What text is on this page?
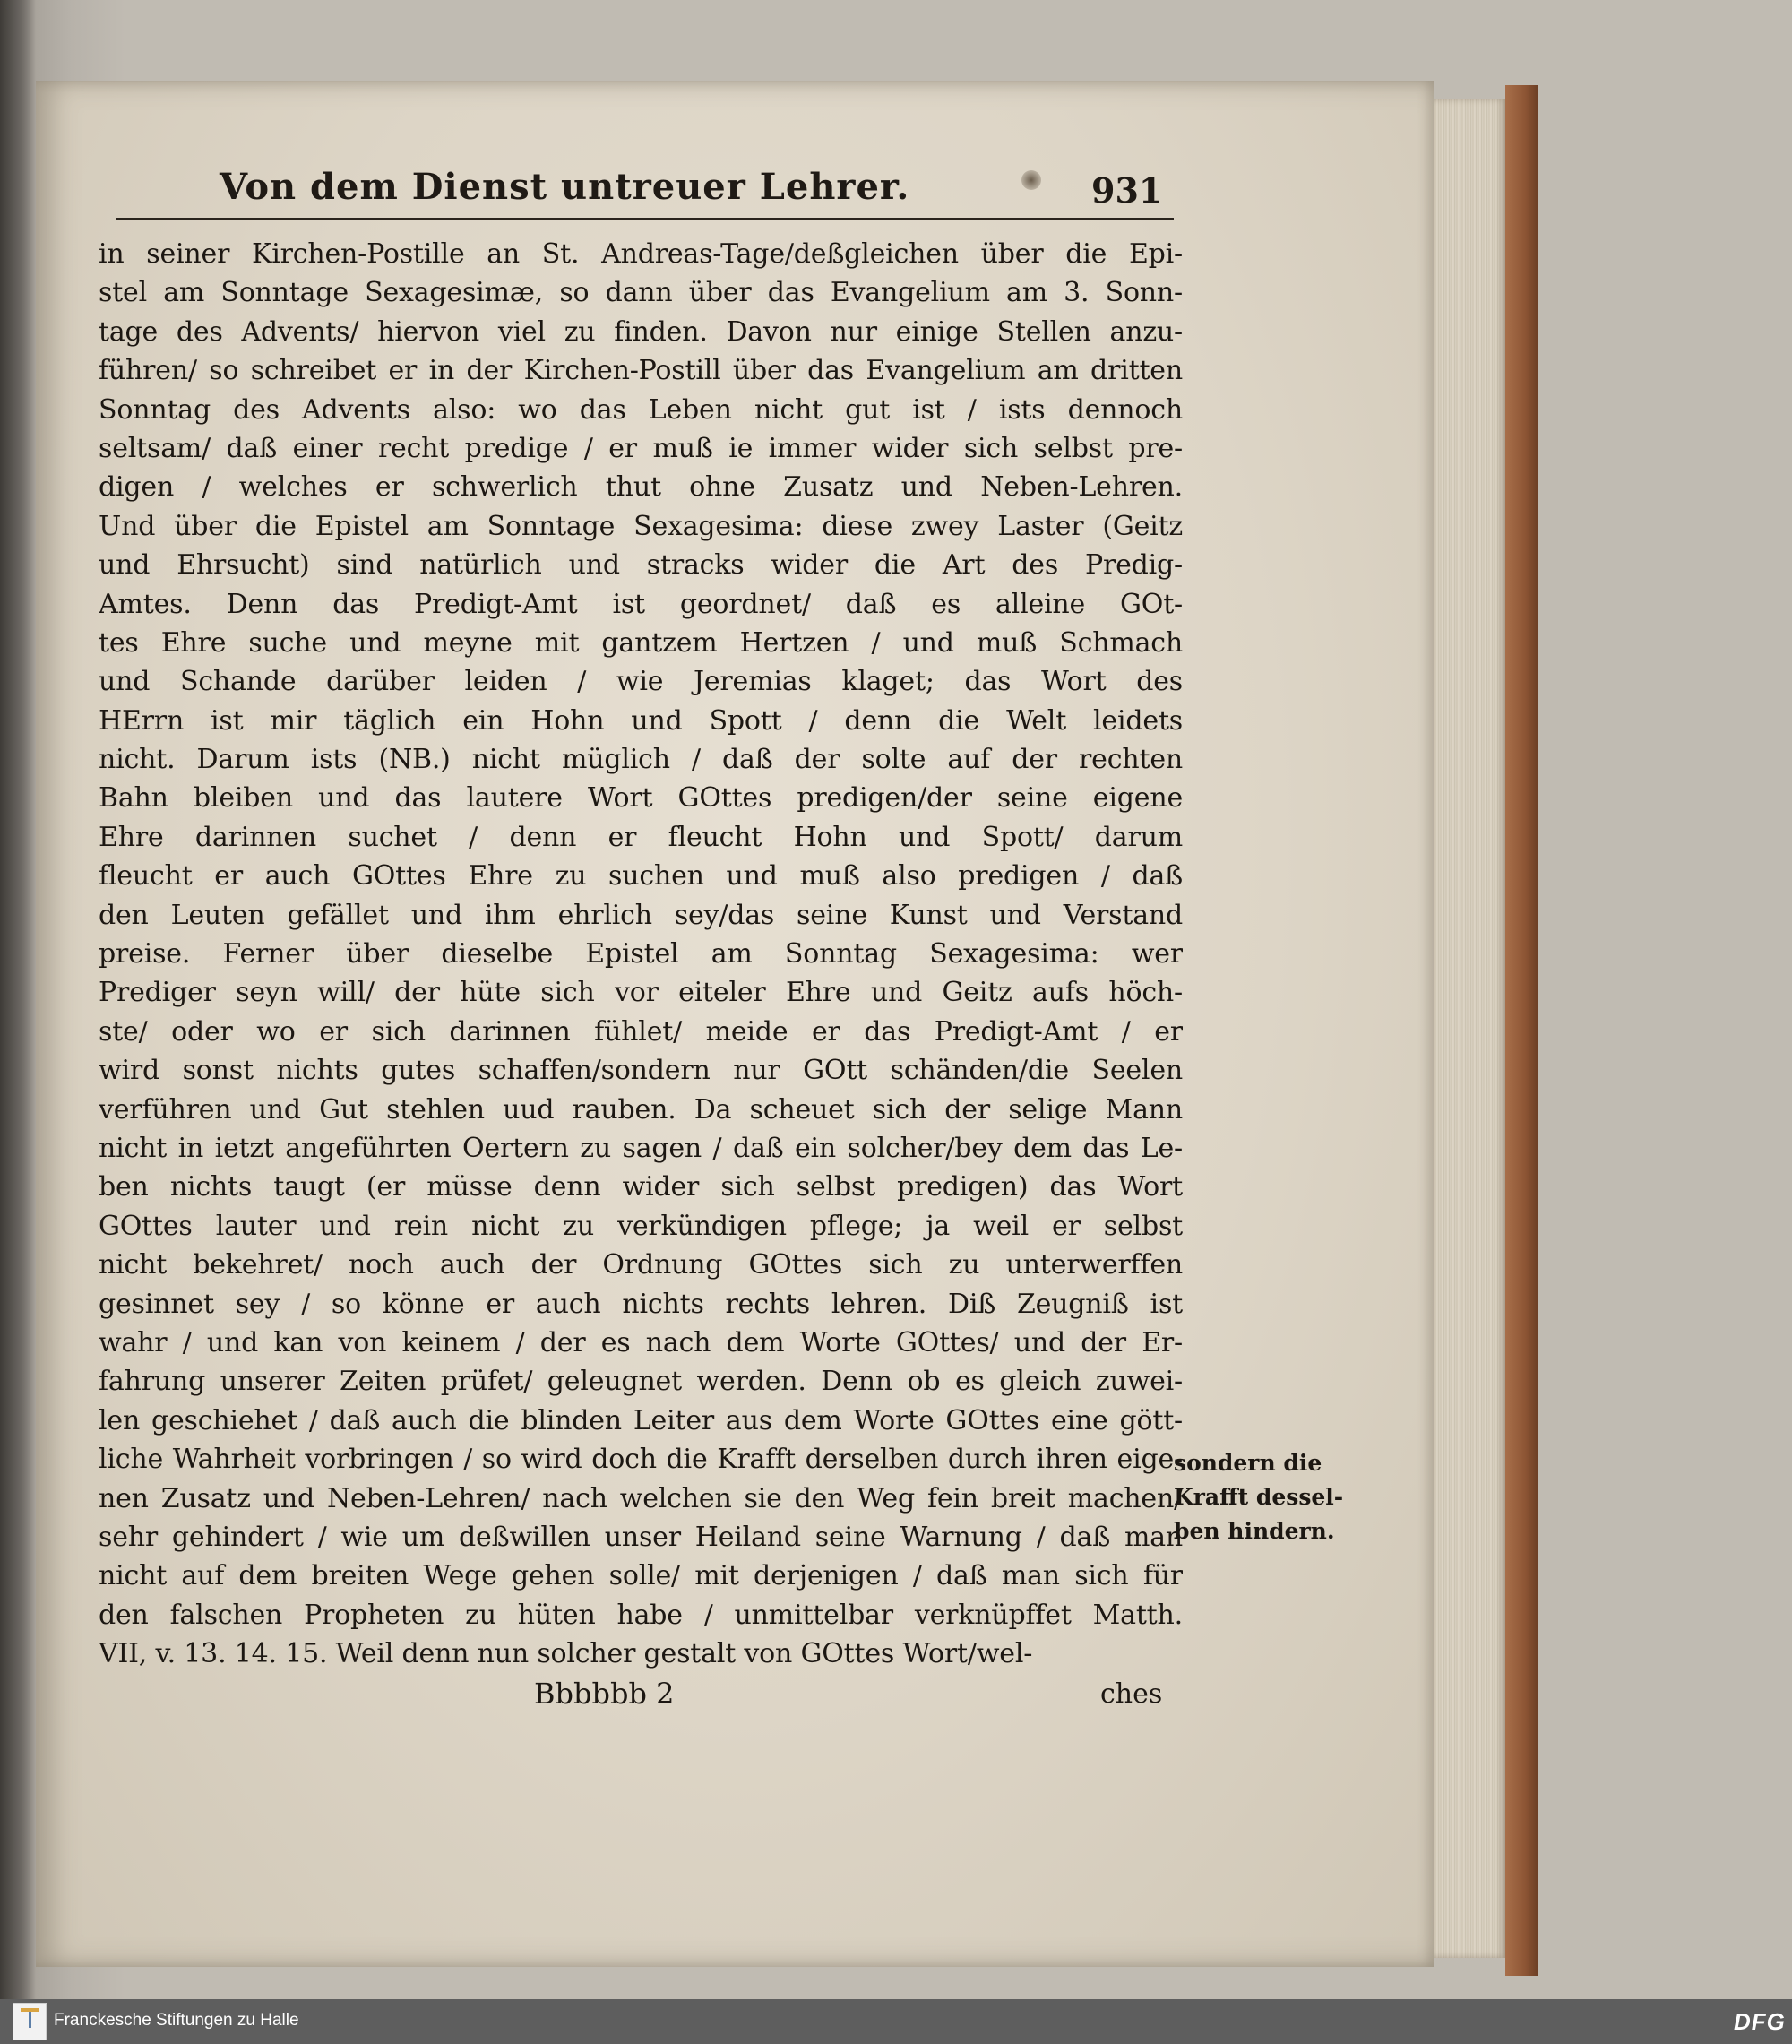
Von dem Dienst untreuer Lehrer.	931
in seiner Kirchen-Postille an St. Andreas-Tage/deßgleichen über die Epi-
stel am Sonntage Sexagesimæ, so dann über das Evangelium am 3. Sonn-
tage des Advents/ hiervon viel zu finden. Davon nur einige Stellen anzu-
führen/ so schreibet er in der Kirchen-Postill über das Evangelium am dritten
Sonntag des Advents also: wo das Leben nicht gut ist / ists dennoch
seltsam/ daß einer recht predige / er muß ie immer wider sich selbst pre-
digen / welches er schwerlich thut ohne Zusatz und Neben-Lehren.
Und über die Epistel am Sonntage Sexagesima: diese zwey Laster (Geitz
und Ehrsucht) sind natürlich und stracks wider die Art des Predig-
Amtes. Denn das Predigt-Amt ist geordnet/ daß es alleine GOt-
tes Ehre suche und meyne mit gantzem Hertzen / und muß Schmach
und Schande darüber leiden / wie Jeremias klaget; das Wort des
HErrn ist mir täglich ein Hohn und Spott / denn die Welt leidets
nicht. Darum ists (NB.) nicht müglich / daß der solte auf der rechten
Bahn bleiben und das lautere Wort GOttes predigen/der seine eigene
Ehre darinnen suchet / denn er fleucht Hohn und Spott/ darum
fleucht er auch GOttes Ehre zu suchen und muß also predigen / daß
den Leuten gefället und ihm ehrlich sey/das seine Kunst und Verstand
preise. Ferner über dieselbe Epistel am Sonntag Sexagesima: wer
Prediger seyn will/ der hüte sich vor eiteler Ehre und Geitz aufs höch-
ste/ oder wo er sich darinnen fühlet/ meide er das Predigt-Amt / er
wird sonst nichts gutes schaffen/sondern nur GOtt schänden/die Seelen
verführen und Gut stehlen uud rauben. Da scheuet sich der selige Mann
nicht in ietzt angeführten Oertern zu sagen / daß ein solcher/bey dem das Le-
ben nichts taugt (er müsse denn wider sich selbst predigen) das Wort
GOttes lauter und rein nicht zu verkündigen pflege; ja weil er selbst
nicht bekehret/ noch auch der Ordnung GOttes sich zu unterwerffen
gesinnet sey / so könne er auch nichts rechts lehren. Diß Zeugniß ist
wahr / und kan von keinem / der es nach dem Worte GOttes/ und der Er-
fahrung unserer Zeiten prüfet/ geleugnet werden. Denn ob es gleich zuwei-
len geschiehet / daß auch die blinden Leiter aus dem Worte GOttes eine gött-
liche Wahrheit vorbringen / so wird doch die Krafft derselben durch ihren eige-
nen Zusatz und Neben-Lehren/ nach welchen sie den Weg fein breit machen/
sehr gehindert / wie um deßwillen unser Heiland seine Warnung / daß man
nicht auf dem breiten Wege gehen solle/ mit derjenigen / daß man sich für
den falschen Propheten zu hüten habe / unmittelbar verknüpffet Matth.
VII, v. 13. 14. 15. Weil denn nun solcher gestalt von GOttes Wort/wel-
sondern die
Krafft dessel-
ben hindern.
Bbbbbb 2	ches
Franckesche Stiftungen zu Halle	DFG
